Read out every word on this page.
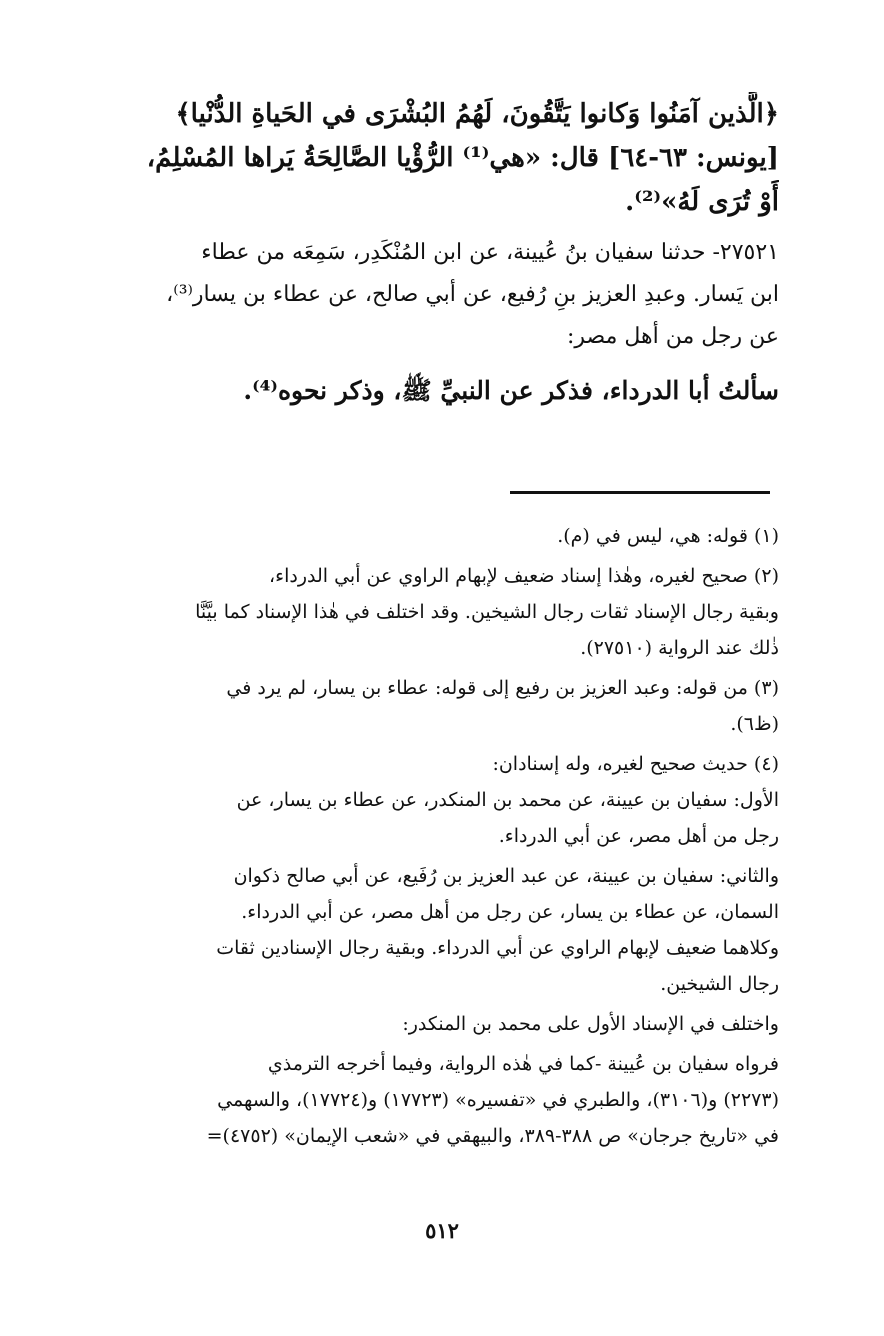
﴿الَّذين آمَنُوا وَكانوا يَتَّقُونَ، لَهُمُ البُشْرَى في الحَياةِ الدُّنْيا﴾
[يونس: ٦٣-٦٤] قال: «هي⁽¹⁾ الرُّؤْيا الصَّالِحَةُ يَراها المُسْلِمُ،
أَوْ تُرَى لَهُ»⁽²⁾.
٢٧٥٢١- حدثنا سفيان بنُ عُيينة، عن ابن المُنْكَدِر، سَمِعَه من عطاء
ابن يَسار. وعبدِ العزيز بنِ رُفيع، عن أبي صالح، عن عطاء بن يسار⁽³⁾،
عن رجل من أهل مصر:
سألتُ أبا الدرداء، فذكر عن النبيِّ ﷺ، وذكر نحوه⁽⁴⁾.
(١) قوله: هي، ليس في (م).
(٢) صحيح لغيره، وهٰذا إسناد ضعيف لإبهام الراوي عن أبي الدرداء،
وبقية رجال الإسناد ثقات رجال الشيخين. وقد اختلف في هٰذا الإسناد كما بيَّنَّا
ذٰلك عند الرواية (٢٧٥١٠).
(٣) من قوله: وعبد العزيز بن رفيع إلى قوله: عطاء بن يسار، لم يرد في
(ظ٦).
(٤) حديث صحيح لغيره، وله إسنادان:
الأول: سفيان بن عيينة، عن محمد بن المنكدر، عن عطاء بن يسار، عن
رجل من أهل مصر، عن أبي الدرداء.
والثاني: سفيان بن عيينة، عن عبد العزيز بن رُفَيع، عن أبي صالح ذكوان
السمان، عن عطاء بن يسار، عن رجل من أهل مصر، عن أبي الدرداء.
وكلاهما ضعيف لإبهام الراوي عن أبي الدرداء. وبقية رجال الإسنادين ثقات
رجال الشيخين.
واختلف في الإسناد الأول على محمد بن المنكدر:
فرواه سفيان بن عُيينة -كما في هٰذه الرواية، وفيما أخرجه الترمذي
(٢٢٧٣) و(٣١٠٦)، والطبري في «تفسيره» (١٧٧٢٣) و(١٧٧٢٤)، والسهمي
في «تاريخ جرجان» ص ٣٨٨-٣٨٩، والبيهقي في «شعب الإيمان» (٤٧٥٢)=
٥١٢
